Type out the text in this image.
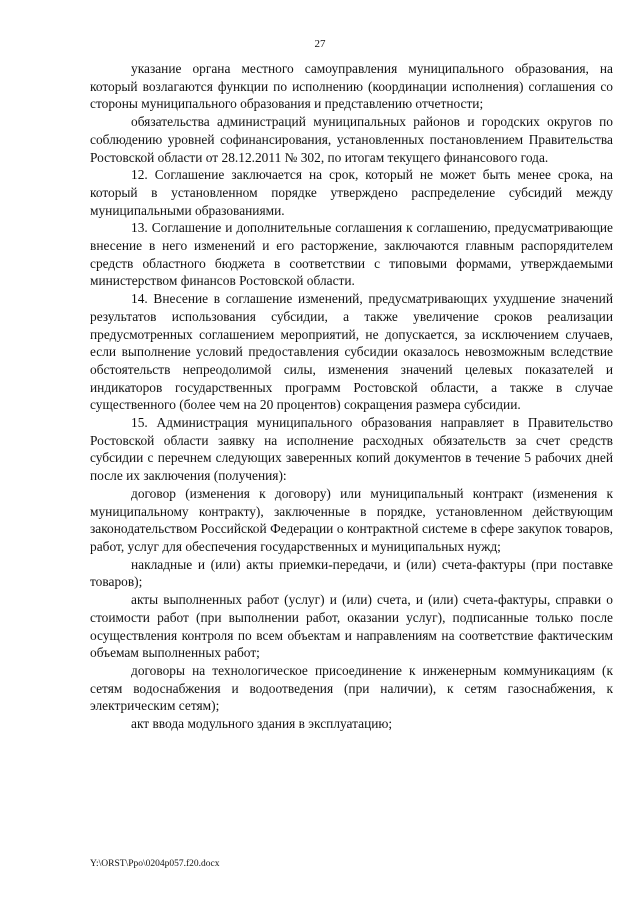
27

указание органа местного самоуправления муниципального образования, на который возлагаются функции по исполнению (координации исполнения) соглашения со стороны муниципального образования и представлению отчетности;

обязательства администраций муниципальных районов и городских округов по соблюдению уровней софинансирования, установленных постановлением Правительства Ростовской области от 28.12.2011 № 302, по итогам текущего финансового года.

12. Соглашение заключается на срок, который не может быть менее срока, на который в установленном порядке утверждено распределение субсидий между муниципальными образованиями.

13. Соглашение и дополнительные соглашения к соглашению, предусматривающие внесение в него изменений и его расторжение, заключаются главным распорядителем средств областного бюджета в соответствии с типовыми формами, утверждаемыми министерством финансов Ростовской области.

14. Внесение в соглашение изменений, предусматривающих ухудшение значений результатов использования субсидии, а также увеличение сроков реализации предусмотренных соглашением мероприятий, не допускается, за исключением случаев, если выполнение условий предоставления субсидии оказалось невозможным вследствие обстоятельств непреодолимой силы, изменения значений целевых показателей и индикаторов государственных программ Ростовской области, а также в случае существенного (более чем на 20 процентов) сокращения размера субсидии.

15. Администрация муниципального образования направляет в Правительство Ростовской области заявку на исполнение расходных обязательств за счет средств субсидии с перечнем следующих заверенных копий документов в течение 5 рабочих дней после их заключения (получения):

договор (изменения к договору) или муниципальный контракт (изменения к муниципальному контракту), заключенные в порядке, установленном действующим законодательством Российской Федерации о контрактной системе в сфере закупок товаров, работ, услуг для обеспечения государственных и муниципальных нужд;

накладные и (или) акты приемки-передачи, и (или) счета-фактуры (при поставке товаров);

акты выполненных работ (услуг) и (или) счета, и (или) счета-фактуры, справки о стоимости работ (при выполнении работ, оказании услуг), подписанные только после осуществления контроля по всем объектам и направлениям на соответствие фактическим объемам выполненных работ;

договоры на технологическое присоединение к инженерным коммуникациям (к сетям водоснабжения и водоотведения (при наличии), к сетям газоснабжения, к электрическим сетям);

акт ввода модульного здания в эксплуатацию;

Y:\ORST\Ppo\0204p057.f20.docx
